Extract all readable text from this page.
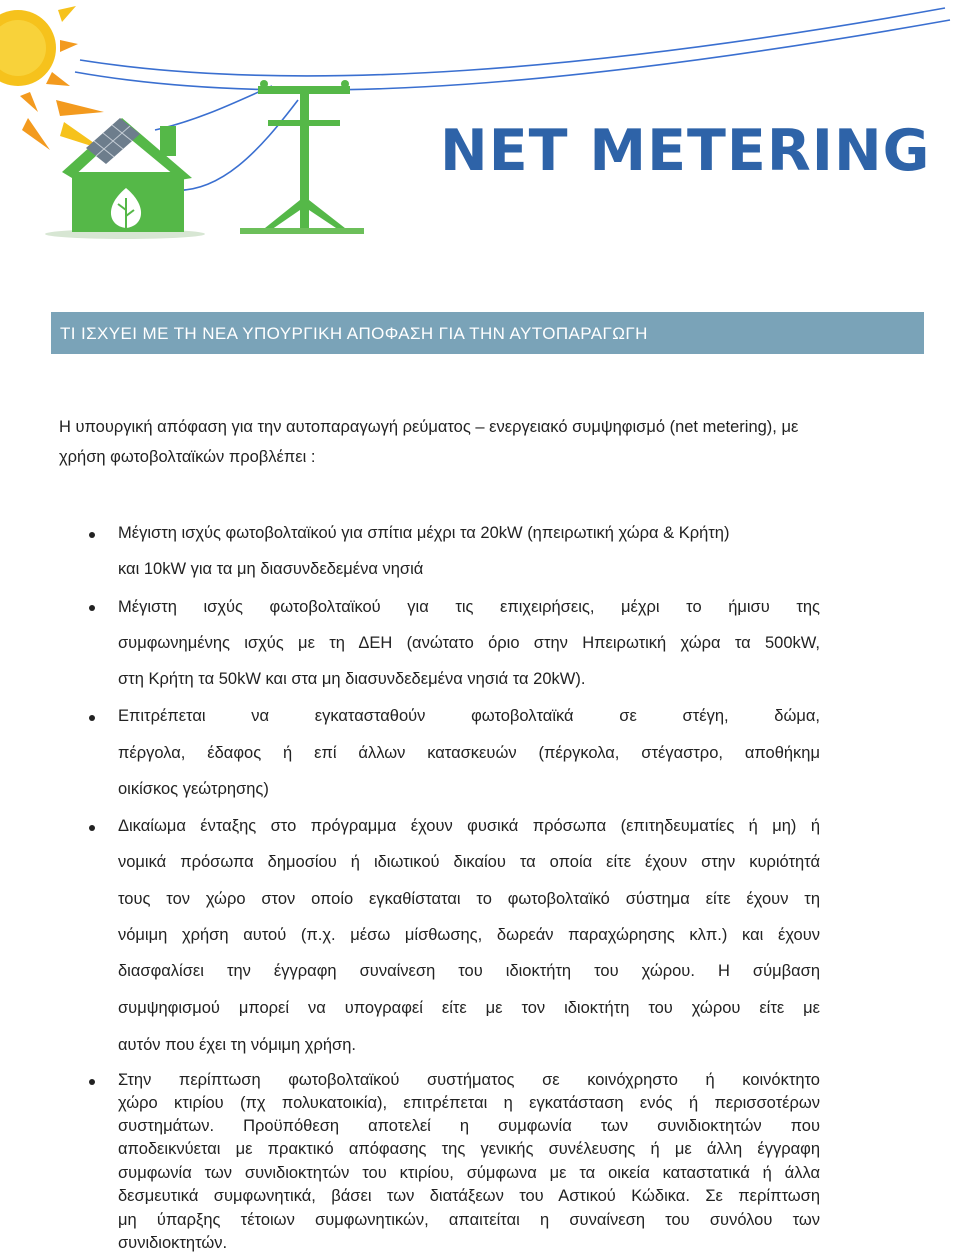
NET METERING
ΤΙ ΙΣΧΥΕΙ ΜΕ ΤΗ ΝΕΑ ΥΠΟΥΡΓΙΚΗ ΑΠΟΦΑΣΗ ΓΙΑ ΤΗΝ ΑΥΤΟΠΑΡΑΓΩΓΗ
Η υπουργική απόφαση για την αυτοπαραγωγή ρεύματος – ενεργειακό συμψηφισμό (net metering), με
χρήση φωτοβολταϊκών προβλέπει :
Μέγιστη ισχύς φωτοβολταϊκού για σπίτια μέχρι τα 20kW (ηπειρωτική χώρα & Κρήτη)
και 10kW για τα μη διασυνδεδεμένα νησιά
Μέγιστη ισχύς φωτοβολταϊκού για τις επιχειρήσεις, μέχρι το ήμισυ της
συμφωνημένης ισχύς με τη ΔΕΗ (ανώτατο όριο στην Ηπειρωτική χώρα τα 500kW,
στη Κρήτη τα 50kW και στα μη διασυνδεδεμένα νησιά τα 20kW).
Επιτρέπεται να εγκατασταθούν φωτοβολταϊκά σε στέγη, δώμα,
πέργολα, έδαφος ή επί άλλων κατασκευών (πέργκολα, στέγαστρο, αποθήκημ
οικίσκος γεώτρησης)
Δικαίωμα ένταξης στο πρόγραμμα έχουν φυσικά πρόσωπα (επιτηδευματίες ή μη) ή
νομικά πρόσωπα δημοσίου ή ιδιωτικού δικαίου τα οποία είτε έχουν στην κυριότητά
τους τον χώρο στον οποίο εγκαθίσταται το φωτοβολταϊκό σύστημα είτε έχουν τη
νόμιμη χρήση αυτού (π.χ. μέσω μίσθωσης, δωρεάν παραχώρησης κλπ.) και έχουν
διασφαλίσει την έγγραφη συναίνεση του ιδιοκτήτη του χώρου. Η σύμβαση
συμψηφισμού μπορεί να υπογραφεί είτε με τον ιδιοκτήτη του χώρου είτε με
αυτόν που έχει τη νόμιμη χρήση.
Στην περίπτωση φωτοβολταϊκού συστήματος σε κοινόχρηστο ή κοινόκτητο
χώρο κτιρίου (πχ πολυκατοικία), επιτρέπεται η εγκατάσταση ενός ή περισσοτέρων
συστημάτων. Προϋπόθεση αποτελεί η συμφωνία των συνιδιοκτητών που
αποδεικνύεται με πρακτικό απόφασης της γενικής συνέλευσης ή με άλλη έγγραφη
συμφωνία των συνιδιοκτητών του κτιρίου, σύμφωνα με τα οικεία καταστατικά ή άλλα
δεσμευτικά συμφωνητικά, βάσει των διατάξεων του Αστικού Κώδικα. Σε περίπτωση
μη ύπαρξης τέτοιων συμφωνητικών, απαιτείται η συναίνεση του συνόλου των
συνιδιοκτητών.
